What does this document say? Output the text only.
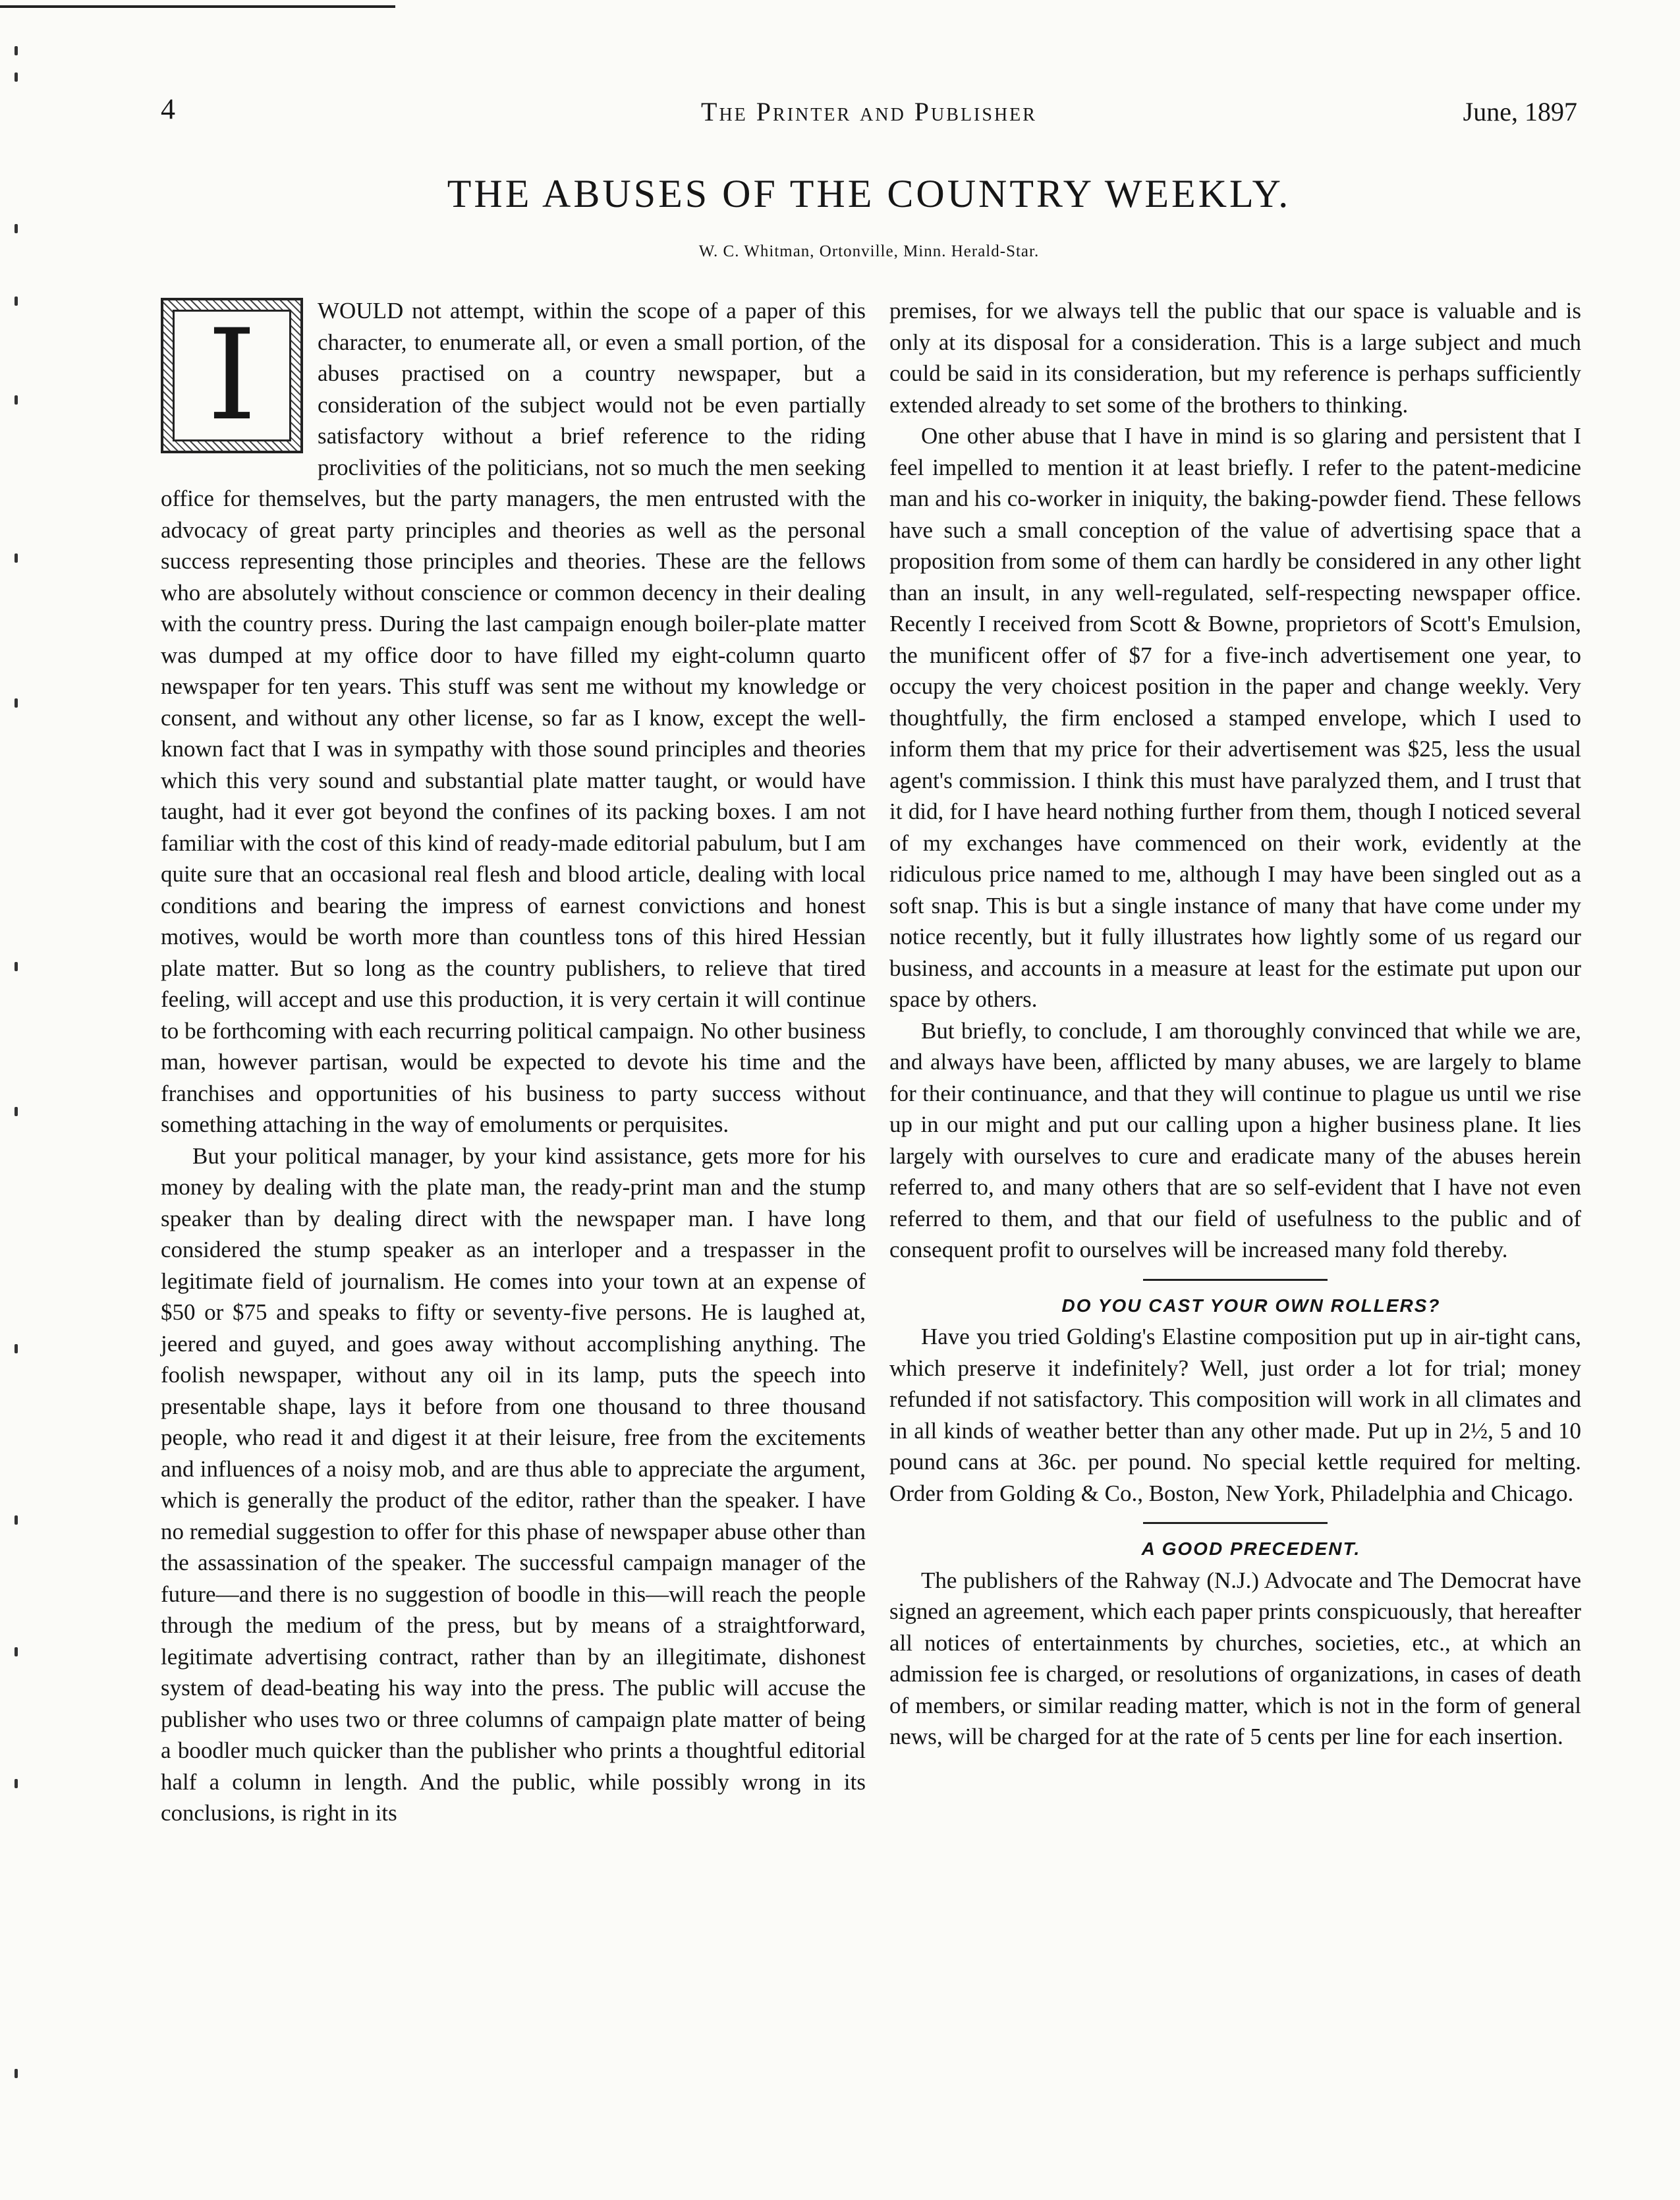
4	The Printer and Publisher	June, 1897
THE ABUSES OF THE COUNTRY WEEKLY.
W. C. Whitman, Ortonville, Minn. Herald-Star.
I	WOULD not attempt, within the scope of a paper of this character, to enumerate all, or even a small portion, of the abuses practised on a country newspaper, but a consideration of the subject would not be even partially satisfactory without a brief reference to the riding proclivities of the politicians, not so much the men seeking office for themselves, but the party managers, the men entrusted with the advocacy of great party principles and theories as well as the personal success representing those principles and theories. These are the fellows who are absolutely without conscience or common decency in their dealing with the country press. During the last campaign enough boiler-plate matter was dumped at my office door to have filled my eight-column quarto newspaper for ten years. This stuff was sent me without my knowledge or consent, and without any other license, so far as I know, except the well-known fact that I was in sympathy with those sound principles and theories which this very sound and substantial plate matter taught, or would have taught, had it ever got beyond the confines of its packing boxes. I am not familiar with the cost of this kind of ready-made editorial pabulum, but I am quite sure that an occasional real flesh and blood article, dealing with local conditions and bearing the impress of earnest convictions and honest motives, would be worth more than countless tons of this hired Hessian plate matter. But so long as the country publishers, to relieve that tired feeling, will accept and use this production, it is very certain it will continue to be forthcoming with each recurring political campaign. No other business man, however partisan, would be expected to devote his time and the franchises and opportunities of his business to party success without something attaching in the way of emoluments or perquisites.

But your political manager, by your kind assistance, gets more for his money by dealing with the plate man, the ready-print man and the stump speaker than by dealing direct with the newspaper man. I have long considered the stump speaker as an interloper and a trespasser in the legitimate field of journalism. He comes into your town at an expense of $50 or $75 and speaks to fifty or seventy-five persons. He is laughed at, jeered and guyed, and goes away without accomplishing anything. The foolish newspaper, without any oil in its lamp, puts the speech into presentable shape, lays it before from one thousand to three thousand people, who read it and digest it at their leisure, free from the excitements and influences of a noisy mob, and are thus able to appreciate the argument, which is generally the product of the editor, rather than the speaker. I have no remedial suggestion to offer for this phase of newspaper abuse other than the assassination of the speaker. The successful campaign manager of the future—and there is no suggestion of boodle in this—will reach the people through the medium of the press, but by means of a straightforward, legitimate advertising contract, rather than by an illegitimate, dishonest system of dead-beating his way into the press. The public will accuse the publisher who uses two or three columns of campaign plate matter of being a boodler much quicker than the publisher who prints a thoughtful editorial half a column in length. And the public, while possibly wrong in its conclusions, is right in its

premises, for we always tell the public that our space is valuable and is only at its disposal for a consideration. This is a large subject and much could be said in its consideration, but my reference is perhaps sufficiently extended already to set some of the brothers to thinking.

One other abuse that I have in mind is so glaring and persistent that I feel impelled to mention it at least briefly. I refer to the patent-medicine man and his co-worker in iniquity, the baking-powder fiend. These fellows have such a small conception of the value of advertising space that a proposition from some of them can hardly be considered in any other light than an insult, in any well-regulated, self-respecting newspaper office. Recently I received from Scott & Bowne, proprietors of Scott's Emulsion, the munificent offer of $7 for a five-inch advertisement one year, to occupy the very choicest position in the paper and change weekly. Very thoughtfully, the firm enclosed a stamped envelope, which I used to inform them that my price for their advertisement was $25, less the usual agent's commission. I think this must have paralyzed them, and I trust that it did, for I have heard nothing further from them, though I noticed several of my exchanges have commenced on their work, evidently at the ridiculous price named to me, although I may have been singled out as a soft snap. This is but a single instance of many that have come under my notice recently, but it fully illustrates how lightly some of us regard our business, and accounts in a measure at least for the estimate put upon our space by others.

But briefly, to conclude, I am thoroughly convinced that while we are, and always have been, afflicted by many abuses, we are largely to blame for their continuance, and that they will continue to plague us until we rise up in our might and put our calling upon a higher business plane. It lies largely with ourselves to cure and eradicate many of the abuses herein referred to, and many others that are so self-evident that I have not even referred to them, and that our field of usefulness to the public and of consequent profit to ourselves will be increased many fold thereby.

DO YOU CAST YOUR OWN ROLLERS?

Have you tried Golding's Elastine composition put up in air-tight cans, which preserve it indefinitely? Well, just order a lot for trial; money refunded if not satisfactory. This composition will work in all climates and in all kinds of weather better than any other made. Put up in 2½, 5 and 10 pound cans at 36c. per pound. No special kettle required for melting. Order from Golding & Co., Boston, New York, Philadelphia and Chicago.

A GOOD PRECEDENT.

The publishers of the Rahway (N.J.) Advocate and The Democrat have signed an agreement, which each paper prints conspicuously, that hereafter all notices of entertainments by churches, societies, etc., at which an admission fee is charged, or resolutions of organizations, in cases of death of members, or similar reading matter, which is not in the form of general news, will be charged for at the rate of 5 cents per line for each insertion.
